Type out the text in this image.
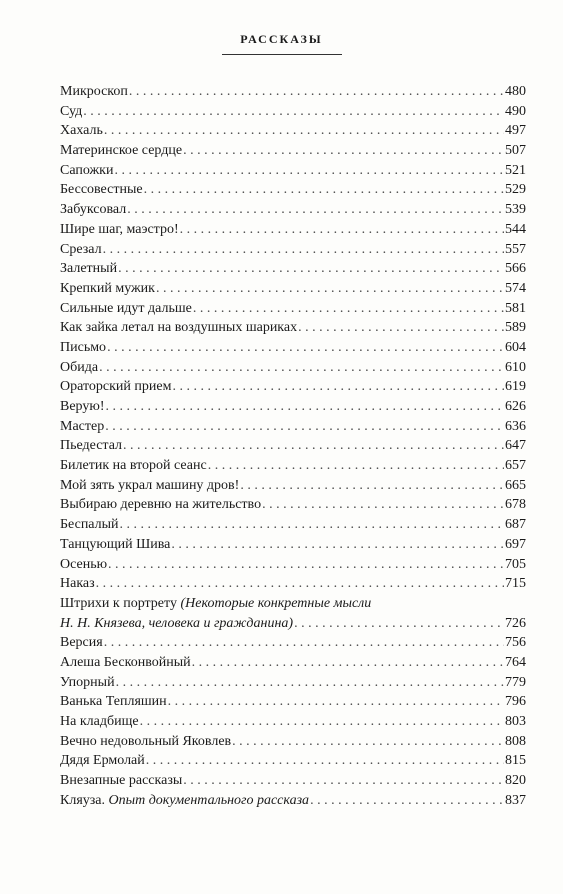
РАССКАЗЫ
Микроскоп . . .	480
Суд . . .	490
Хахаль . . .	497
Материнское сердце . . .	507
Сапожки . . .	521
Бессовестные . . .	529
Забуксовал . . .	539
Шире шаг, маэстро! . . .	544
Срезал . . .	557
Залетный . . .	566
Крепкий мужик . . .	574
Сильные идут дальше . . .	581
Как зайка летал на воздушных шариках . . .	589
Письмо . . .	604
Обида . . .	610
Ораторский прием . . .	619
Верую! . . .	626
Мастер . . .	636
Пьедестал . . .	647
Билетик на второй сеанс . . .	657
Мой зять украл машину дров! . . .	665
Выбираю деревню на жительство . . .	678
Беспалый . . .	687
Танцующий Шива . . .	697
Осенью . . .	705
Наказ . . .	715
Штрихи к портрету (Некоторые конкретные мысли
Н. Н. Князева, человека и гражданина) . . .	726
Версия . . .	756
Алеша Бесконвойный . . .	764
Упорный . . .	779
Ванька Тепляшин . . .	796
На кладбище . . .	803
Вечно недовольный Яковлев . . .	808
Дядя Ермолай . . .	815
Внезапные рассказы . . .	820
Кляуза. Опыт документального рассказа . . .	837
